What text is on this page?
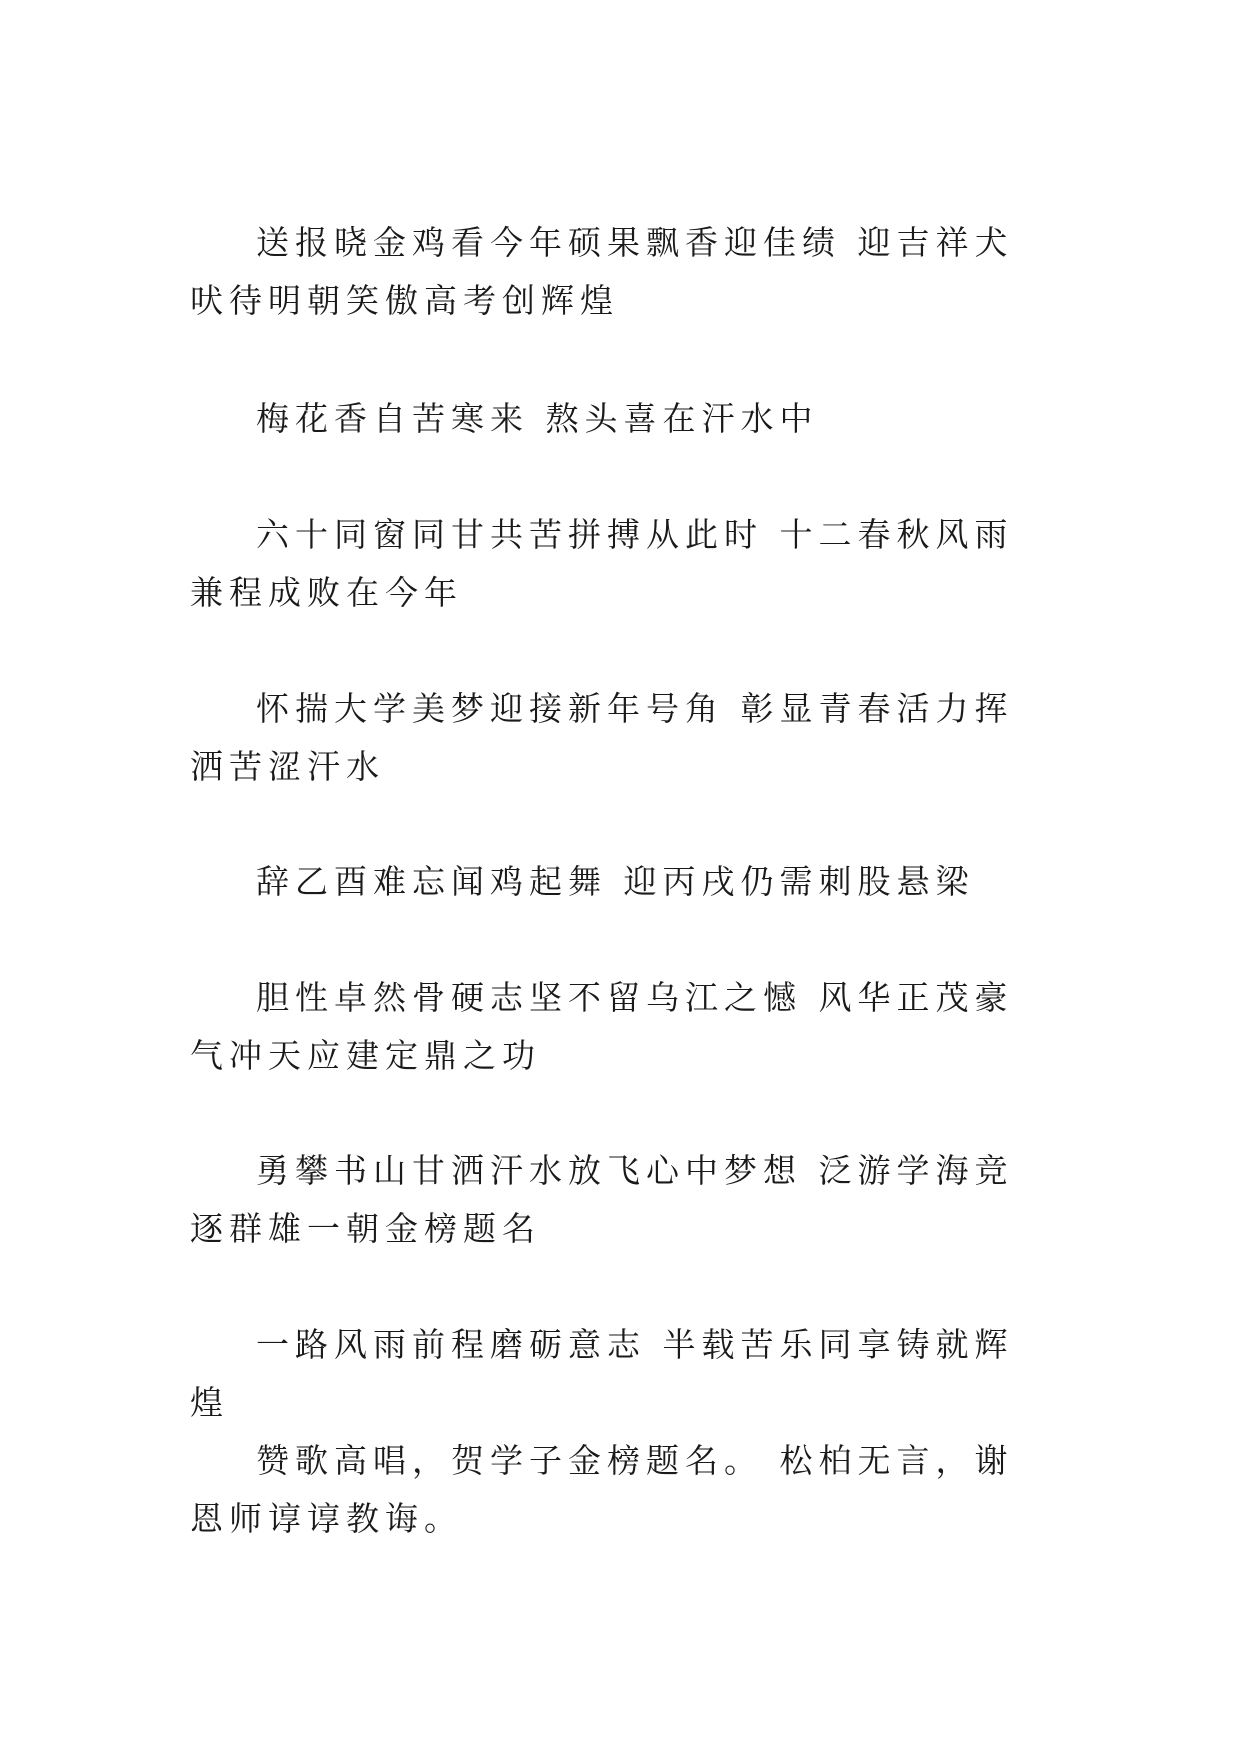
送报晓金鸡看今年硕果飘香迎佳绩 迎吉祥犬吠待明朝笑傲高考创辉煌

梅花香自苦寒来 熬头喜在汗水中

六十同窗同甘共苦拼搏从此时 十二春秋风雨兼程成败在今年

怀揣大学美梦迎接新年号角 彰显青春活力挥洒苦涩汗水

辞乙酉难忘闻鸡起舞 迎丙戌仍需刺股悬梁

胆性卓然骨硬志坚不留乌江之憾 风华正茂豪气冲天应建定鼎之功

勇攀书山甘洒汗水放飞心中梦想 泛游学海竞逐群雄一朝金榜题名

一路风雨前程磨砺意志 半载苦乐同享铸就辉煌

赞歌高唱，贺学子金榜题名。 松柏无言，谢恩师谆谆教诲。
